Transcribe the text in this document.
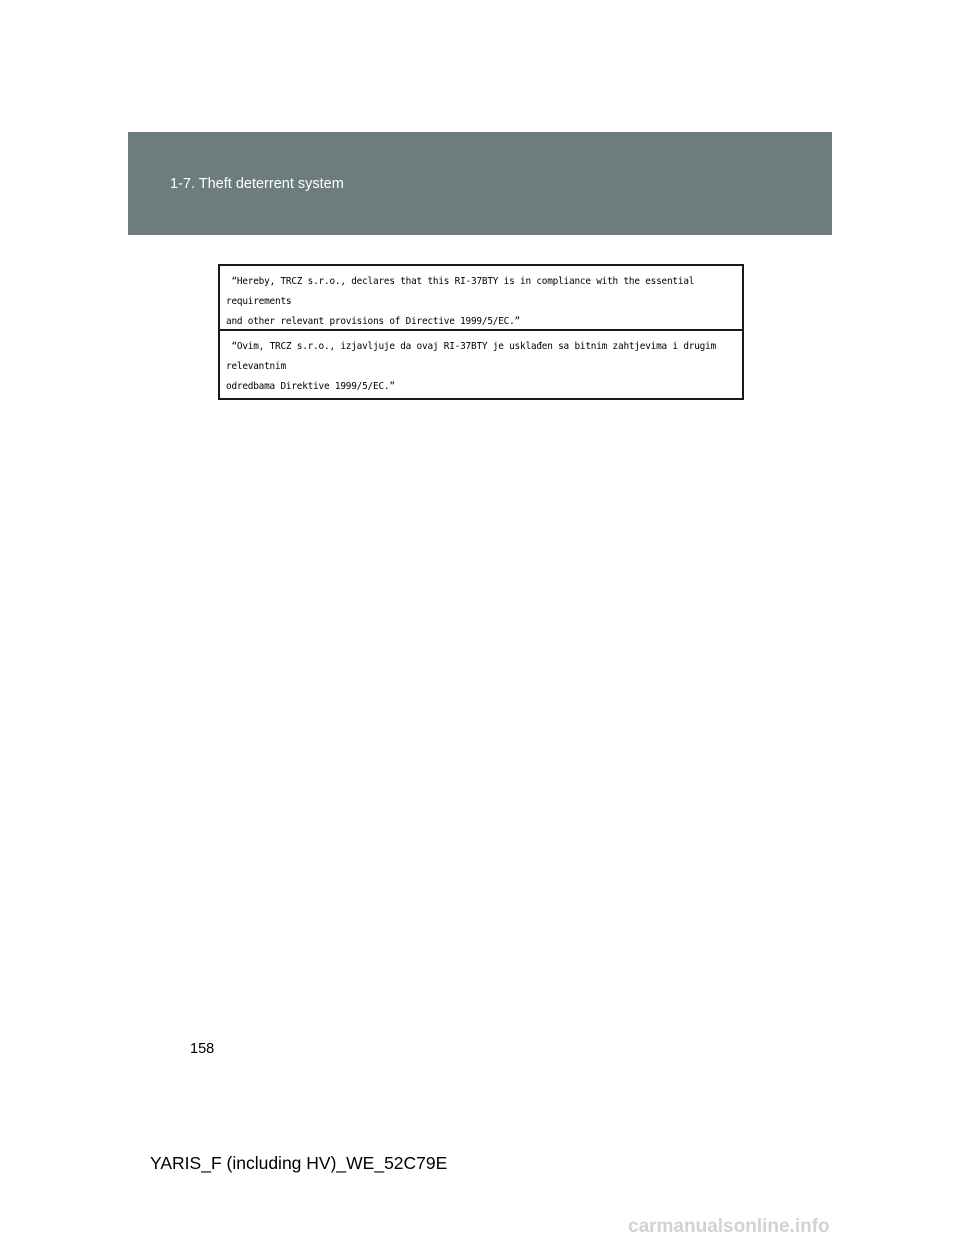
1-7. Theft deterrent system
“Hereby, TRCZ s.r.o., declares that this RI-37BTY is in compliance with the essential requirements
and other relevant provisions of Directive 1999/5/EC.”
“Ovim, TRCZ s.r.o., izjavljuje da ovaj RI-37BTY je usklađen sa bitnim zahtjevima i drugim relevantnim
odredbama Direktive 1999/5/EC.”
158
YARIS_F (including HV)_WE_52C79E
carmanualsonline.info
